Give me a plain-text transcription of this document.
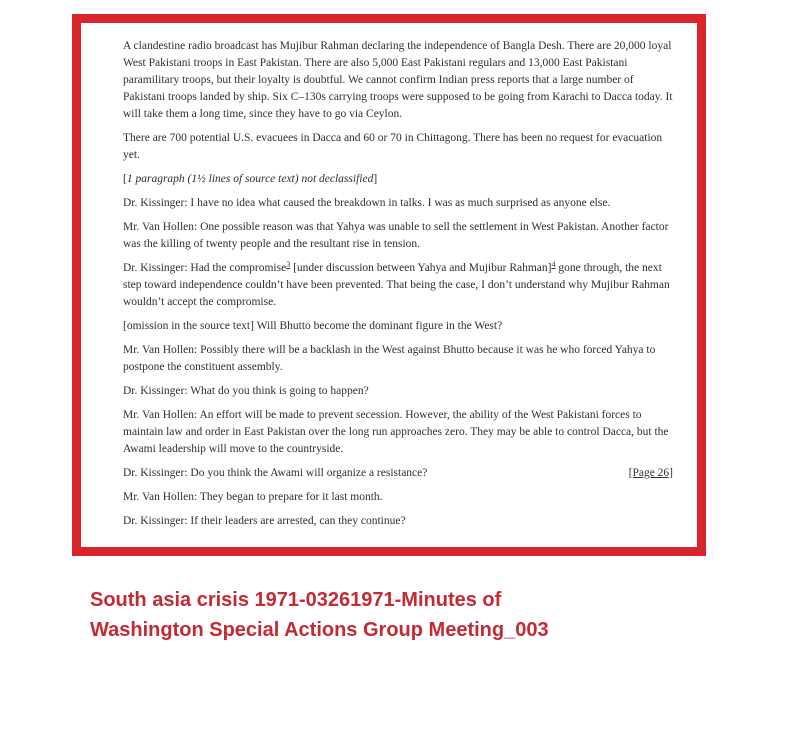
A clandestine radio broadcast has Mujibur Rahman declaring the independence of Bangla Desh. There are 20,000 loyal West Pakistani troops in East Pakistan. There are also 5,000 East Pakistani regulars and 13,000 East Pakistani paramilitary troops, but their loyalty is doubtful. We cannot confirm Indian press reports that a large number of Pakistani troops landed by ship. Six C–130s carrying troops were supposed to be going from Karachi to Dacca today. It will take them a long time, since they have to go via Ceylon.

There are 700 potential U.S. evacuees in Dacca and 60 or 70 in Chittagong. There has been no request for evacuation yet.

[1 paragraph (1½ lines of source text) not declassified]

Dr. Kissinger: I have no idea what caused the breakdown in talks. I was as much surprised as anyone else.

Mr. Van Hollen: One possible reason was that Yahya was unable to sell the settlement in West Pakistan. Another factor was the killing of twenty people and the resultant rise in tension.

Dr. Kissinger: Had the compromise$^3$ [under discussion between Yahya and Mujibur Rahman]$^4$ gone through, the next step toward independence couldn’t have been prevented. That being the case, I don’t understand why Mujibur Rahman wouldn’t accept the compromise.

[omission in the source text] Will Bhutto become the dominant figure in the West?

Mr. Van Hollen: Possibly there will be a backlash in the West against Bhutto because it was he who forced Yahya to postpone the constituent assembly.

Dr. Kissinger: What do you think is going to happen?

Mr. Van Hollen: An effort will be made to prevent secession. However, the ability of the West Pakistani forces to maintain law and order in East Pakistan over the long run approaches zero. They may be able to control Dacca, but the Awami leadership will move to the countryside.

Dr. Kissinger: Do you think the Awami will organize a resistance?	[Page 26]

Mr. Van Hollen: They began to prepare for it last month.

Dr. Kissinger: If their leaders are arrested, can they continue?

South asia crisis 1971-03261971-Minutes of
Washington Special Actions Group Meeting_003
